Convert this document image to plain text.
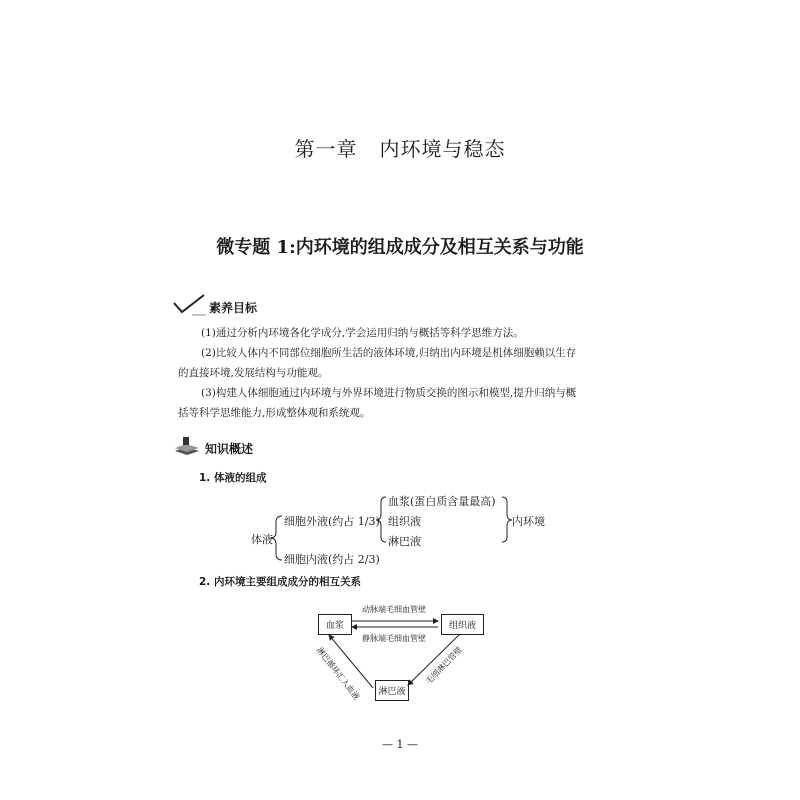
第一章 内环境与稳态
微专题 1:内环境的组成成分及相互关系与功能
素养目标
(1)通过分析内环境各化学成分,学会运用归纳与概括等科学思维方法。
(2)比较人体内不同部位细胞所生活的液体环境,归纳出内环境是机体细胞赖以生存
的直接环境,发展结构与功能观。
(3)构建人体细胞通过内环境与外界环境进行物质交换的图示和模型,提升归纳与概
括等科学思维能力,形成整体观和系统观。
知识概述
1. 体液的组成
体液
细胞外液(约占 1/3)
细胞内液(约占 2/3)
血浆(蛋白质含量最高)
组织液
淋巴液
内环境
2. 内环境主要组成成分的相互关系
血浆	组织液
淋巴液
动脉端毛细血管壁
静脉端毛细血管壁
淋巴循环汇入血液	毛细淋巴管壁
— 1 —
